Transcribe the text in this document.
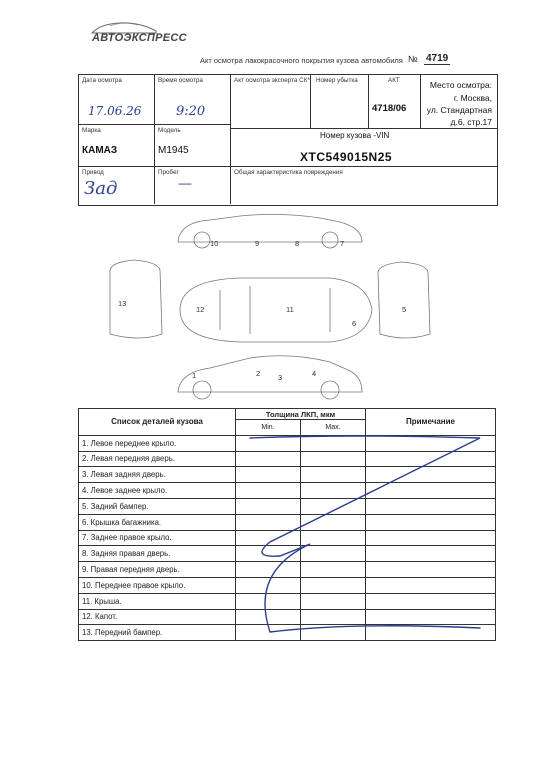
АВТОЭКСПРЕСС
Акт осмотра лакокрасочного покрытия кузова автомобиля № 4719
Дата осмотра
17.06.26
Время осмотра
9:20
Акт осмотра эксперта СК* Номер убытка	АКТ
4718/06
Место осмотра:
г. Москва,
ул. Стандартная
д.6, стр.17
Марка
КАМАЗ
Модель
М1945
Номер кузова -VIN
XTC549015N25
Привод
Зад
Пробег
—
Общая характеристика повреждения
10	9	8	7
12	11
6
13
5
1	2 3	4
Список деталей кузова	Толщина ЛКП, мкм		Примечание
	Min.	Max.	
1. Левое переднее крыло.			
2. Левая передняя дверь.			
3. Левая задняя дверь.			
4. Левое заднее крыло.			
5. Задний бампер.			
6. Крышка багажника.			
7. Заднее правое крыло.			
8. Задняя правая дверь.			
9. Правая передняя дверь.			
10. Переднее правое крыло.			
11. Крыша.			
12. Капот.			
13. Передний бампер.			
